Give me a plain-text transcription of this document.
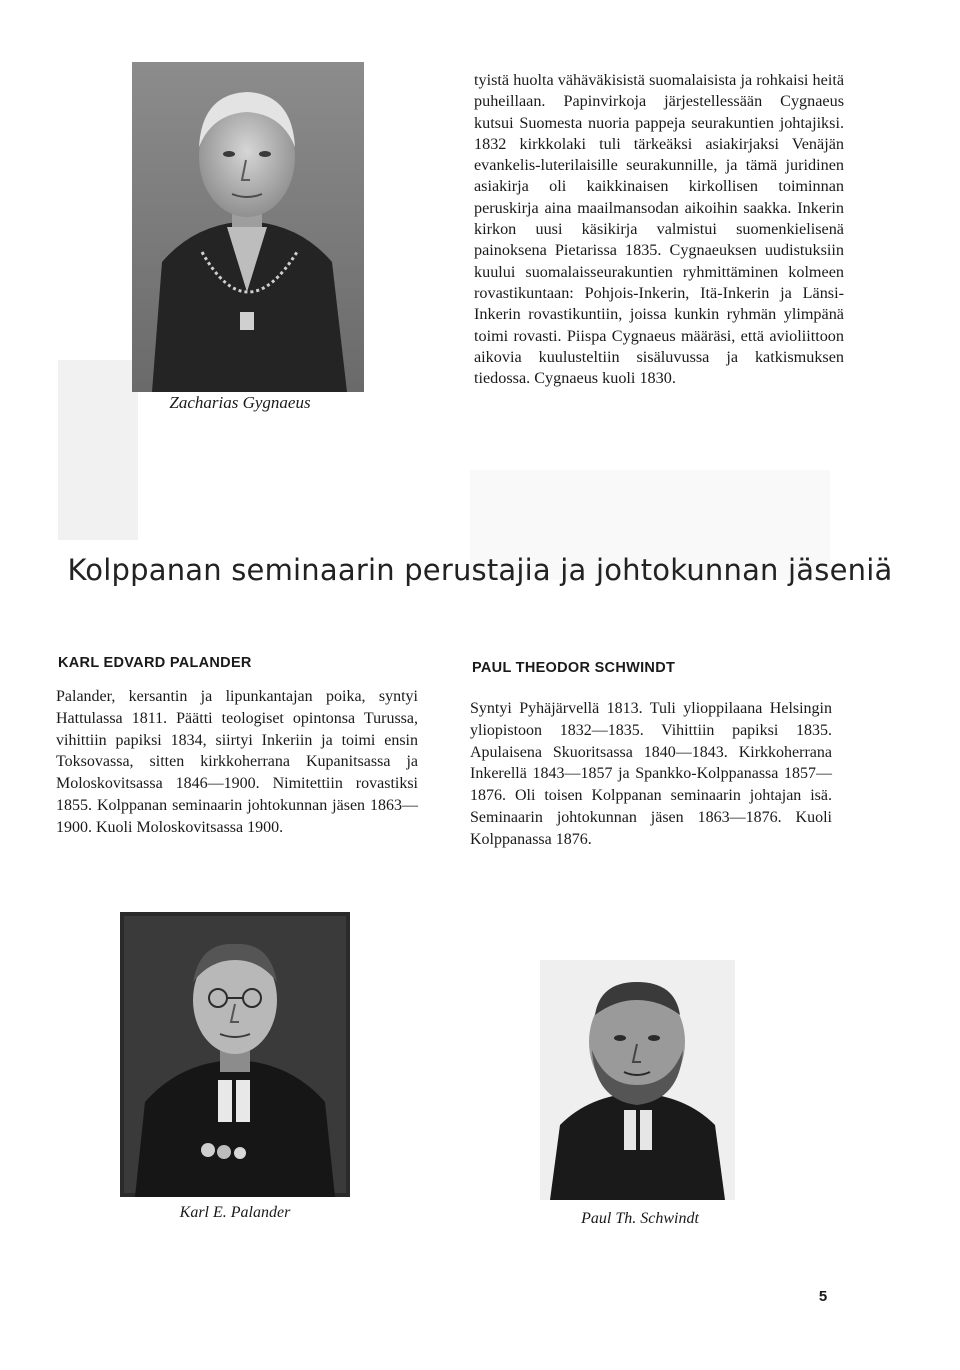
Zacharias Gygnaeus
tyistä huolta vähäväkisistä suomalaisista ja rohkaisi heitä puheillaan. Papinvirkoja järjestellessään Cygnaeus kutsui Suomesta nuoria pappeja seurakuntien johtajiksi. 1832 kirkkolaki tuli tärkeäksi asiakirjaksi Venäjän evankelis-luterilaisille seurakunnille, ja tämä juridinen asiakirja oli kaikkinaisen kirkollisen toiminnan peruskirja aina maailmansodan aikoihin saakka. Inkerin kirkon uusi käsikirja valmistui suomenkielisenä painoksena Pietarissa 1835. Cygnaeuksen uudistuksiin kuului suomalaisseurakuntien ryhmittäminen kolmeen rovastikuntaan: Pohjois-Inkerin, Itä-Inkerin ja Länsi-Inkerin rovastikuntiin, joissa kunkin ryhmän ylimpänä toimi rovasti. Piispa Cygnaeus määräsi, että avioliittoon aikovia kuulusteltiin sisäluvussa ja katkismuksen tiedossa. Cygnaeus kuoli 1830.
Kolppanan seminaarin perustajia ja johtokunnan jäseniä
KARL EDVARD PALANDER
Palander, kersantin ja lipunkantajan poika, syntyi Hattulassa 1811. Päätti teologiset opintonsa Turussa, vihittiin papiksi 1834, siirtyi Inkeriin ja toimi ensin Toksovassa, sitten kirkkoherrana Kupanitsassa ja Moloskovitsassa 1846—1900. Nimitettiin rovastiksi 1855. Kolppanan seminaarin johtokunnan jäsen 1863—1900. Kuoli Moloskovitsassa 1900.
PAUL THEODOR SCHWINDT
Syntyi Pyhäjärvellä 1813. Tuli ylioppilaana Helsingin yliopistoon 1832—1835. Vihittiin papiksi 1835. Apulaisena Skuoritsassa 1840—1843. Kirkkoherrana Inkerellä 1843—1857 ja Spankko-Kolppanassa 1857—1876. Oli toisen Kolppanan seminaarin johtajan isä. Seminaarin johtokunnan jäsen 1863—1876. Kuoli Kolppanassa 1876.
Karl E. Palander	Paul Th. Schwindt
5
